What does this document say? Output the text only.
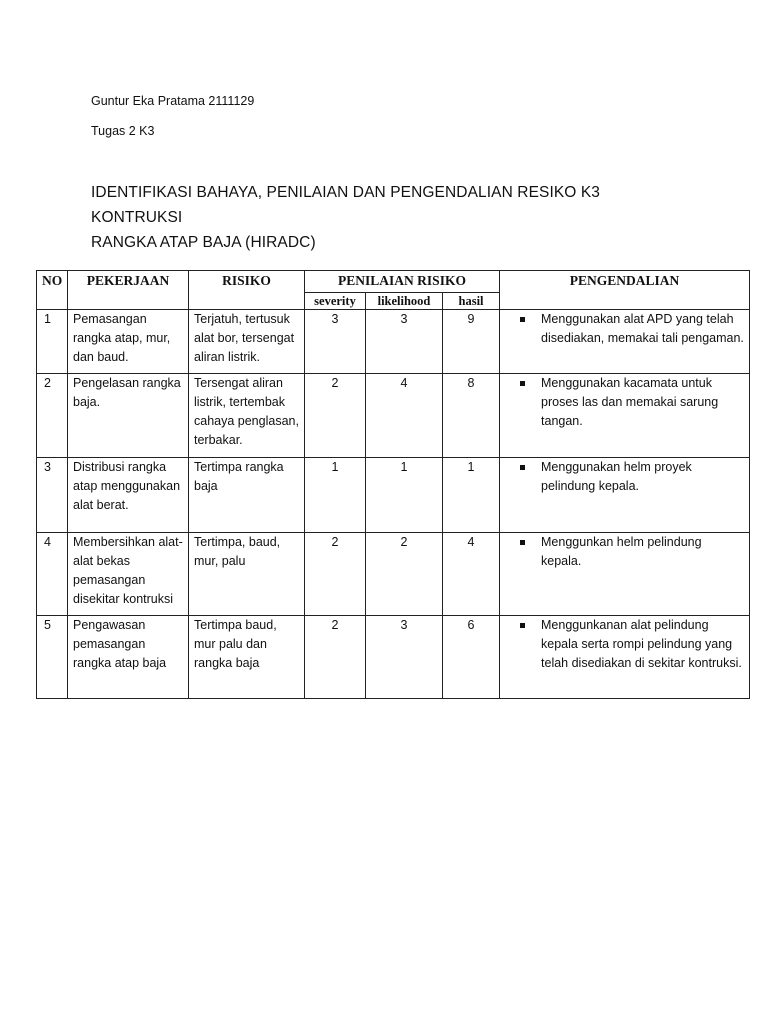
Guntur Eka Pratama 2111129
Tugas 2 K3
IDENTIFIKASI BAHAYA, PENILAIAN DAN PENGENDALIAN RESIKO K3 KONTRUKSI
RANGKA ATAP BAJA (HIRADC)
NO	PEKERJAAN	RISIKO	PENILAIAN RISIKO			PENGENDALIAN
			severity	likelihood	hasil	
1	Pemasangan rangka atap, mur, dan baud.	Terjatuh, tertusuk alat bor, tersengat aliran listrik.	3	3	9	Menggunakan alat APD yang telah disediakan, memakai tali pengaman.

2	Pengelasan rangka baja.	Tersengat aliran listrik, tertembak cahaya penglasan, terbakar.	2	4	8	Menggunakan kacamata untuk proses las dan memakai sarung tangan.

3	Distribusi rangka atap menggunakan alat berat.	Tertimpa rangka baja	1	1	1	Menggunakan helm proyek pelindung kepala.

4	Membersihkan alat-alat bekas pemasangan disekitar kontruksi	Tertimpa, baud, mur, palu	2	2	4	Menggunkan helm pelindung kepala.

5	Pengawasan pemasangan rangka atap baja	Tertimpa baud, mur palu dan rangka baja	2	3	6	Menggunkanan alat pelindung kepala serta rompi pelindung yang telah disediakan di sekitar kontruksi.
